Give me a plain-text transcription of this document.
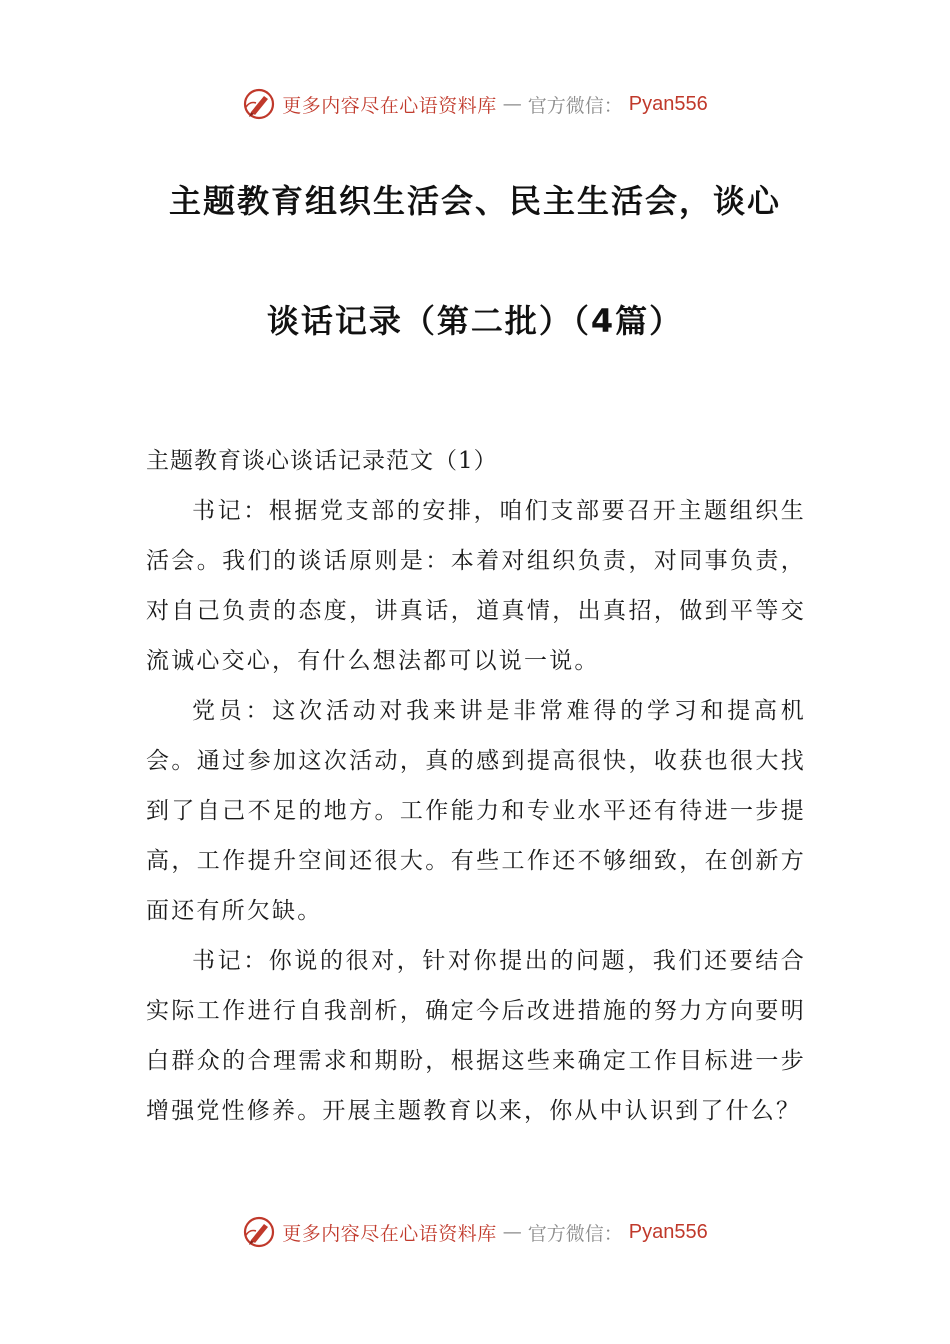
更多内容尽在心语资料库 — 官方微信： Pyan556
主题教育组织生活会、民主生活会，谈心
谈话记录（第二批）（4篇）

主题教育谈心谈话记录范文（1）

书记：根据党支部的安排，咱们支部要召开主题组织生活会。我们的谈话原则是：本着对组织负责，对同事负责，对自己负责的态度，讲真话，道真情，出真招，做到平等交流诚心交心，有什么想法都可以说一说。

党员：这次活动对我来讲是非常难得的学习和提高机会。通过参加这次活动，真的感到提高很快，收获也很大找到了自己不足的地方。工作能力和专业水平还有待进一步提高，工作提升空间还很大。有些工作还不够细致，在创新方面还有所欠缺。

书记：你说的很对，针对你提出的问题，我们还要结合实际工作进行自我剖析，确定今后改进措施的努力方向要明白群众的合理需求和期盼，根据这些来确定工作目标进一步增强党性修养。开展主题教育以来，你从中认识到了什么？

更多内容尽在心语资料库 — 官方微信： Pyan556
